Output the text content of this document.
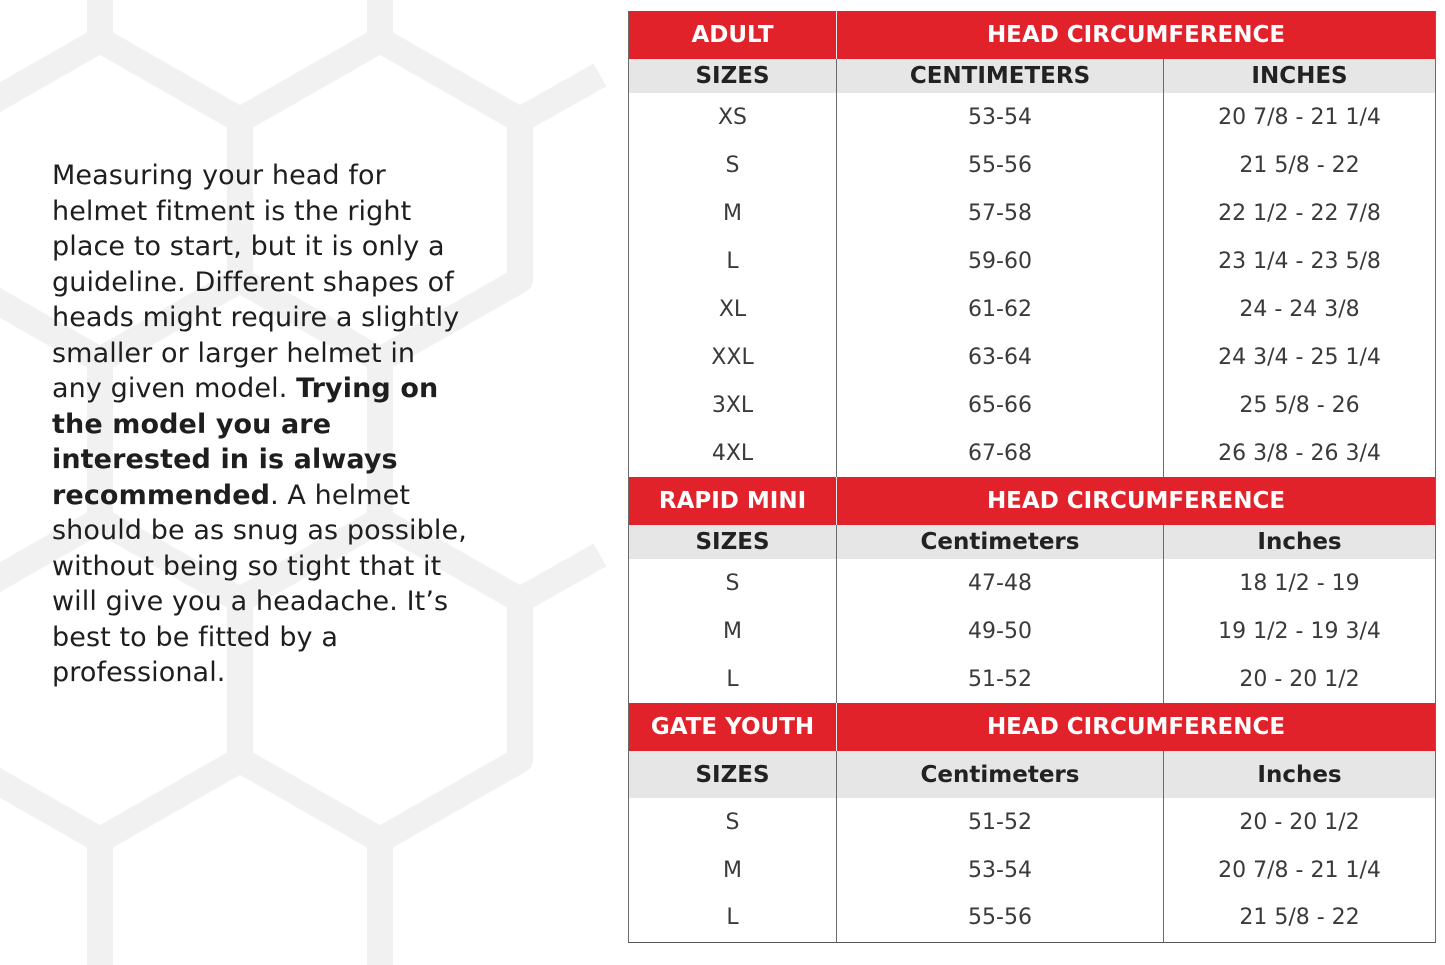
Measuring your head for helmet fitment is the right place to start, but it is only a guideline. Different shapes of heads might require a slightly smaller or larger helmet in any given model. Trying on the model you are interested in is always recommended. A helmet should be as snug as possible, without being so tight that it will give you a headache. It’s best to be fitted by a professional.
ADULT	HEAD CIRCUMFERENCE	
SIZES	CENTIMETERS	INCHES
XS	53-54	20 7/8 - 21 1/4
S	55-56	21 5/8 - 22
M	57-58	22 1/2 - 22 7/8
L	59-60	23 1/4 - 23 5/8
XL	61-62	24 - 24 3/8
XXL	63-64	24 3/4 - 25 1/4
3XL	65-66	25 5/8 - 26
4XL	67-68	26 3/8 - 26 3/4
RAPID MINI	HEAD CIRCUMFERENCE	
SIZES	Centimeters	Inches
S	47-48	18 1/2 - 19
M	49-50	19 1/2 - 19 3/4
L	51-52	20 - 20 1/2
GATE YOUTH	HEAD CIRCUMFERENCE	
SIZES	Centimeters	Inches
S	51-52	20 - 20 1/2
M	53-54	20 7/8 - 21 1/4
L	55-56	21 5/8 - 22
